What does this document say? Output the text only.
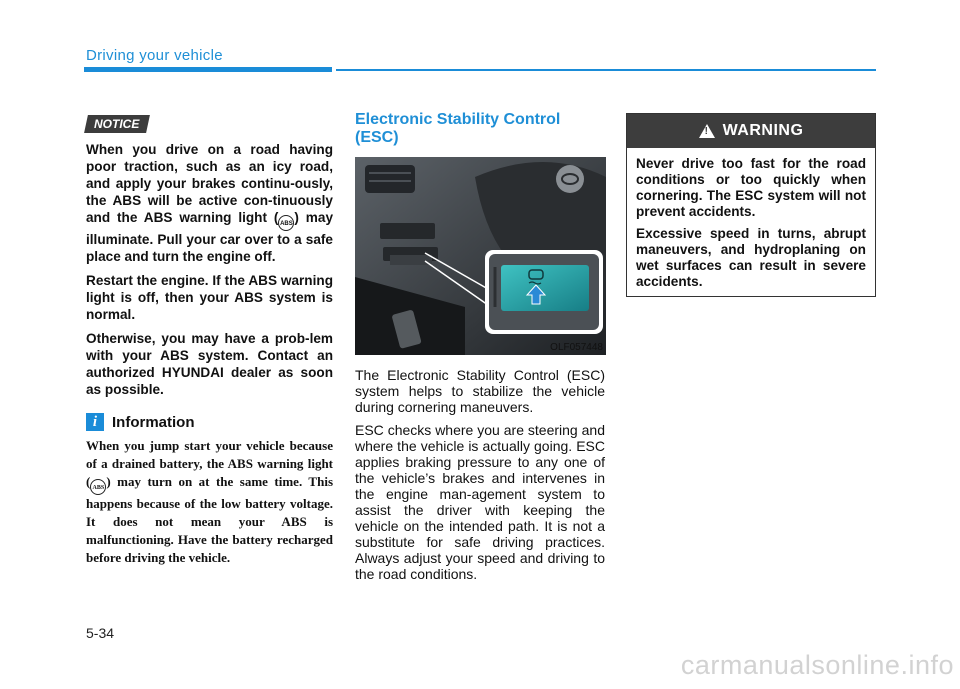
Driving your vehicle
NOTICE

When you drive on a road having poor traction, such as an icy road, and apply your brakes continu-ously, the ABS will be active con-tinuously and the ABS warning light ( ABS ) may illuminate. Pull your car over to a safe place and turn the engine off.

Restart the engine. If the ABS warning light is off, then your ABS system is normal.

Otherwise, you may have a prob-lem with your ABS system. Contact an authorized HYUNDAI dealer as soon as possible.

i Information

When you jump start your vehicle because of a drained battery, the ABS warning light ( ABS ) may turn on at the same time. This happens because of the low battery voltage. It does not mean your ABS is malfunctioning. Have the battery recharged before driving the vehicle.

Electronic Stability Control (ESC)
OLF057448

The Electronic Stability Control (ESC) system helps to stabilize the vehicle during cornering maneuvers.

ESC checks where you are steering and where the vehicle is actually going. ESC applies braking pressure to any one of the vehicle’s brakes and intervenes in the engine man-agement system to assist the driver with keeping the vehicle on the intended path. It is not a substitute for safe driving practices. Always adjust your speed and driving to the road conditions.

!
WARNING

Never drive too fast for the road conditions or too quickly when cornering. The ESC system will not prevent accidents.

Excessive speed in turns, abrupt maneuvers, and hydroplaning on wet surfaces can result in severe accidents.

5-34
carmanualsonline.info
